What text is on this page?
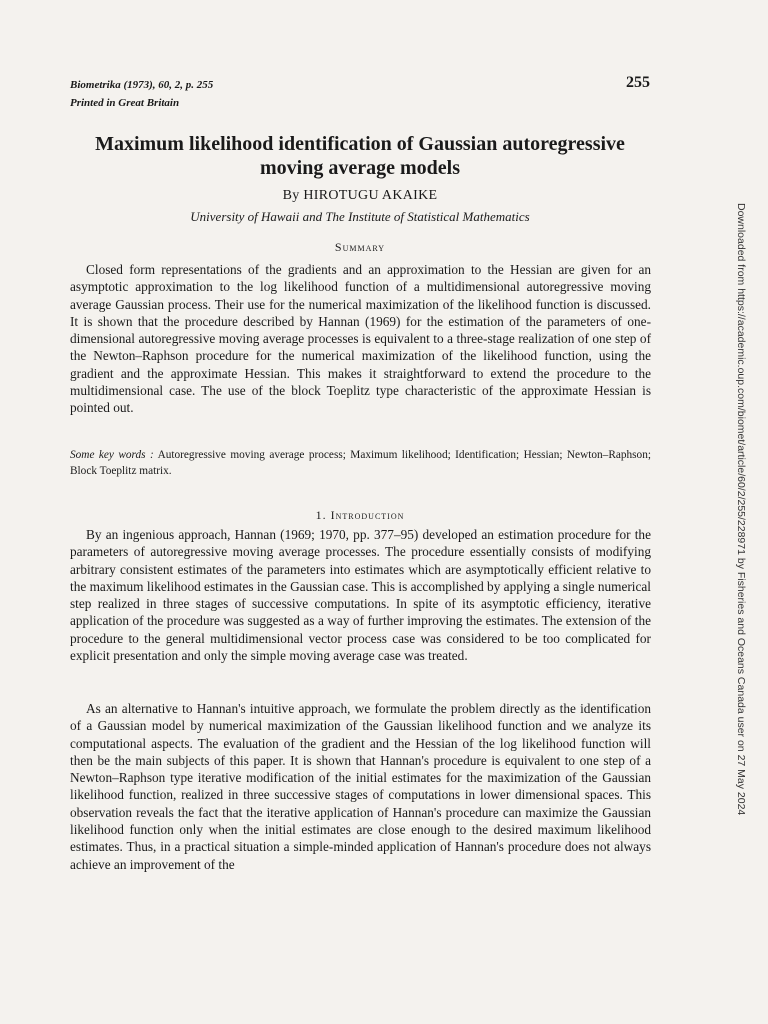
Biometrika (1973), 60, 2, p. 255
Printed in Great Britain
255
Maximum likelihood identification of Gaussian autoregressive moving average models
By HIROTUGU AKAIKE
University of Hawaii and The Institute of Statistical Mathematics
Summary

Closed form representations of the gradients and an approximation to the Hessian are given for an asymptotic approximation to the log likelihood function of a multidimensional autoregressive moving average Gaussian process. Their use for the numerical maximization of the likelihood function is discussed. It is shown that the procedure described by Hannan (1969) for the estimation of the parameters of one-dimensional autoregressive moving average processes is equivalent to a three-stage realization of one step of the Newton–Raphson procedure for the numerical maximization of the likelihood function, using the gradient and the approximate Hessian. This makes it straightforward to extend the procedure to the multidimensional case. The use of the block Toeplitz type characteristic of the approximate Hessian is pointed out.

Some key words : Autoregressive moving average process; Maximum likelihood; Identification; Hessian; Newton–Raphson; Block Toeplitz matrix.

1. Introduction

By an ingenious approach, Hannan (1969; 1970, pp. 377–95) developed an estimation procedure for the parameters of autoregressive moving average processes. The procedure essentially consists of modifying arbitrary consistent estimates of the parameters into estimates which are asymptotically efficient relative to the maximum likelihood estimates in the Gaussian case. This is accomplished by applying a single numerical step realized in three stages of successive computations. In spite of its asymptotic efficiency, iterative application of the procedure was suggested as a way of further improving the estimates. The extension of the procedure to the general multidimensional vector process case was considered to be too complicated for explicit presentation and only the simple moving average case was treated.

As an alternative to Hannan's intuitive approach, we formulate the problem directly as the identification of a Gaussian model by numerical maximization of the Gaussian likelihood function and we analyze its computational aspects. The evaluation of the gradient and the Hessian of the log likelihood function will then be the main subjects of this paper. It is shown that Hannan's procedure is equivalent to one step of a Newton–Raphson type iterative modification of the initial estimates for the maximization of the Gaussian likelihood function, realized in three successive stages of computations in lower dimensional spaces. This observation reveals the fact that the iterative application of Hannan's procedure can maximize the Gaussian likelihood function only when the initial estimates are close enough to the desired maximum likelihood estimates. Thus, in a practical situation a simple-minded application of Hannan's procedure does not always achieve an improvement of the

Downloaded from https://academic.oup.com/biomet/article/60/2/255/228971 by Fisheries and Oceans Canada user on 27 May 2024
